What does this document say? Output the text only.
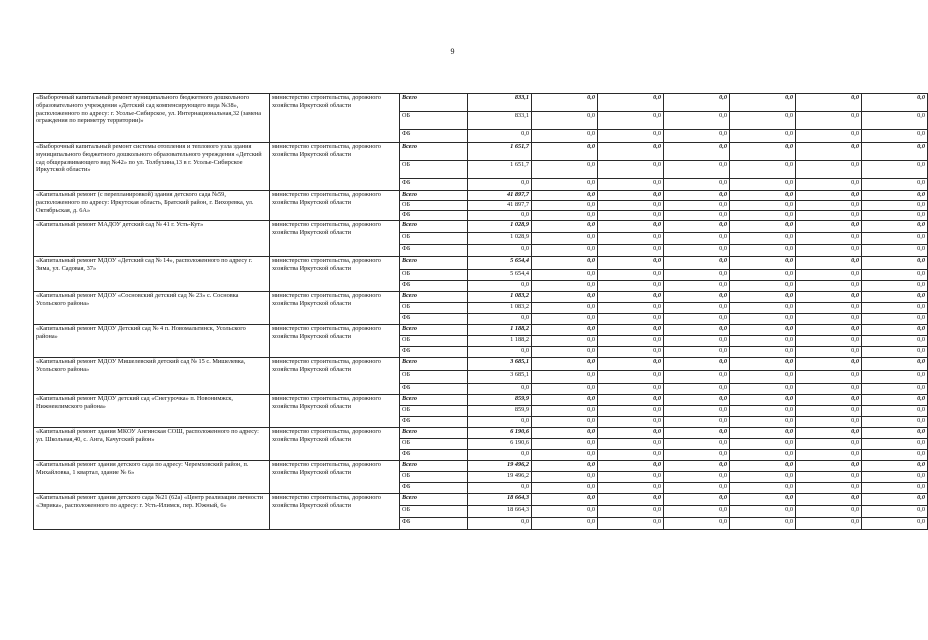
9
«Выборочный капитальный ремонт муниципального бюджетного дошкольного образовательного учреждения «Детский сад компенсирующего вида №38», расположенного по адресу: г. Усолье-Сибирское, ул. Интернациональная,32 (замена ограждения по периметру территории)»	министерство строительства, дорожного хозяйства Иркутской области	Всего	833,1	0,0	0,0	0,0	0,0	0,0	0,0
		ОБ	833,1	0,0	0,0	0,0	0,0	0,0	0,0
		ФБ	0,0	0,0	0,0	0,0	0,0	0,0	0,0
«Выборочный капитальный ремонт системы отопления и теплового узла здания муниципального бюджетного дошкольного образовательного учреждения «Детский сад общеразвивающего вид №42» по ул. Толбухина,13 в г. Усолье-Сибирское Иркутской области»	министерство строительства, дорожного хозяйства Иркутской области	Всего	1 651,7	0,0	0,0	0,0	0,0	0,0	0,0
		ОБ	1 651,7	0,0	0,0	0,0	0,0	0,0	0,0
		ФБ	0,0	0,0	0,0	0,0	0,0	0,0	0,0
«Капитальный ремонт (с перепланировкой) здания детского сада №59, расположенного по адресу: Иркутская область, Братский район, г. Вихоревка, ул. Октябрьская, д. 6А»	министерство строительства, дорожного хозяйства Иркутской области	Всего	41 897,7	0,0	0,0	0,0	0,0	0,0	0,0
		ОБ	41 897,7	0,0	0,0	0,0	0,0	0,0	0,0
		ФБ	0,0	0,0	0,0	0,0	0,0	0,0	0,0
«Капитальный ремонт МАДОУ детский сад № 41 г. Усть-Кут»	министерство строительства, дорожного хозяйства Иркутской области	Всего	1 028,9	0,0	0,0	0,0	0,0	0,0	0,0
		ОБ	1 028,9	0,0	0,0	0,0	0,0	0,0	0,0
		ФБ	0,0	0,0	0,0	0,0	0,0	0,0	0,0
«Капитальный ремонт МДОУ «Детский сад № 14», расположенного по адресу г. Зима, ул. Садовая, 37»	министерство строительства, дорожного хозяйства Иркутской области	Всего	5 654,4	0,0	0,0	0,0	0,0	0,0	0,0
		ОБ	5 654,4	0,0	0,0	0,0	0,0	0,0	0,0
		ФБ	0,0	0,0	0,0	0,0	0,0	0,0	0,0
«Капитальный ремонт МДОУ «Сосновский детский сад № 23» с. Сосновка Усольского района»	министерство строительства, дорожного хозяйства Иркутской области	Всего	1 083,2	0,0	0,0	0,0	0,0	0,0	0,0
		ОБ	1 083,2	0,0	0,0	0,0	0,0	0,0	0,0
		ФБ	0,0	0,0	0,0	0,0	0,0	0,0	0,0
«Капитальный ремонт МДОУ Детский сад № 4 п. Новомальтинск, Усольского района»	министерство строительства, дорожного хозяйства Иркутской области	Всего	1 188,2	0,0	0,0	0,0	0,0	0,0	0,0
		ОБ	1 188,2	0,0	0,0	0,0	0,0	0,0	0,0
		ФБ	0,0	0,0	0,0	0,0	0,0	0,0	0,0
«Капитальный ремонт МДОУ Мишелевский детский сад № 15 с. Мишелевка, Усольского района»	министерство строительства, дорожного хозяйства Иркутской области	Всего	3 685,1	0,0	0,0	0,0	0,0	0,0	0,0
		ОБ	3 685,1	0,0	0,0	0,0	0,0	0,0	0,0
		ФБ	0,0	0,0	0,0	0,0	0,0	0,0	0,0
«Капитальный ремонт МДОУ детский сад «Снегурочка» п. Новонимжск, Нижнеилимского района»	министерство строительства, дорожного хозяйства Иркутской области	Всего	859,9	0,0	0,0	0,0	0,0	0,0	0,0
		ОБ	859,9	0,0	0,0	0,0	0,0	0,0	0,0
		ФБ	0,0	0,0	0,0	0,0	0,0	0,0	0,0
«Капитальный ремонт здания МКОУ Ангинская СОШ, расположенного по адресу: ул. Школьная,40, с. Анга, Качугский район»	министерство строительства, дорожного хозяйства Иркутской области	Всего	6 190,6	0,0	0,0	0,0	0,0	0,0	0,0
		ОБ	6 190,6	0,0	0,0	0,0	0,0	0,0	0,0
		ФБ	0,0	0,0	0,0	0,0	0,0	0,0	0,0
«Капитальный ремонт здания детского сада по адресу: Черемховский район, п. Михайловка, 1 квартал, здание № 6»	министерство строительства, дорожного хозяйства Иркутской области	Всего	19 496,2	0,0	0,0	0,0	0,0	0,0	0,0
		ОБ	19 496,2	0,0	0,0	0,0	0,0	0,0	0,0
		ФБ	0,0	0,0	0,0	0,0	0,0	0,0	0,0
«Капитальный ремонт здания детского сада №21 (62а) «Центр реализации личности «Эврика», расположенного по адресу: г. Усть-Илимск, пер. Южный, 6»	министерство строительства, дорожного хозяйства Иркутской области	Всего	18 664,3	0,0	0,0	0,0	0,0	0,0	0,0
		ОБ	18 664,3	0,0	0,0	0,0	0,0	0,0	0,0
		ФБ	0,0	0,0	0,0	0,0	0,0	0,0	0,0
